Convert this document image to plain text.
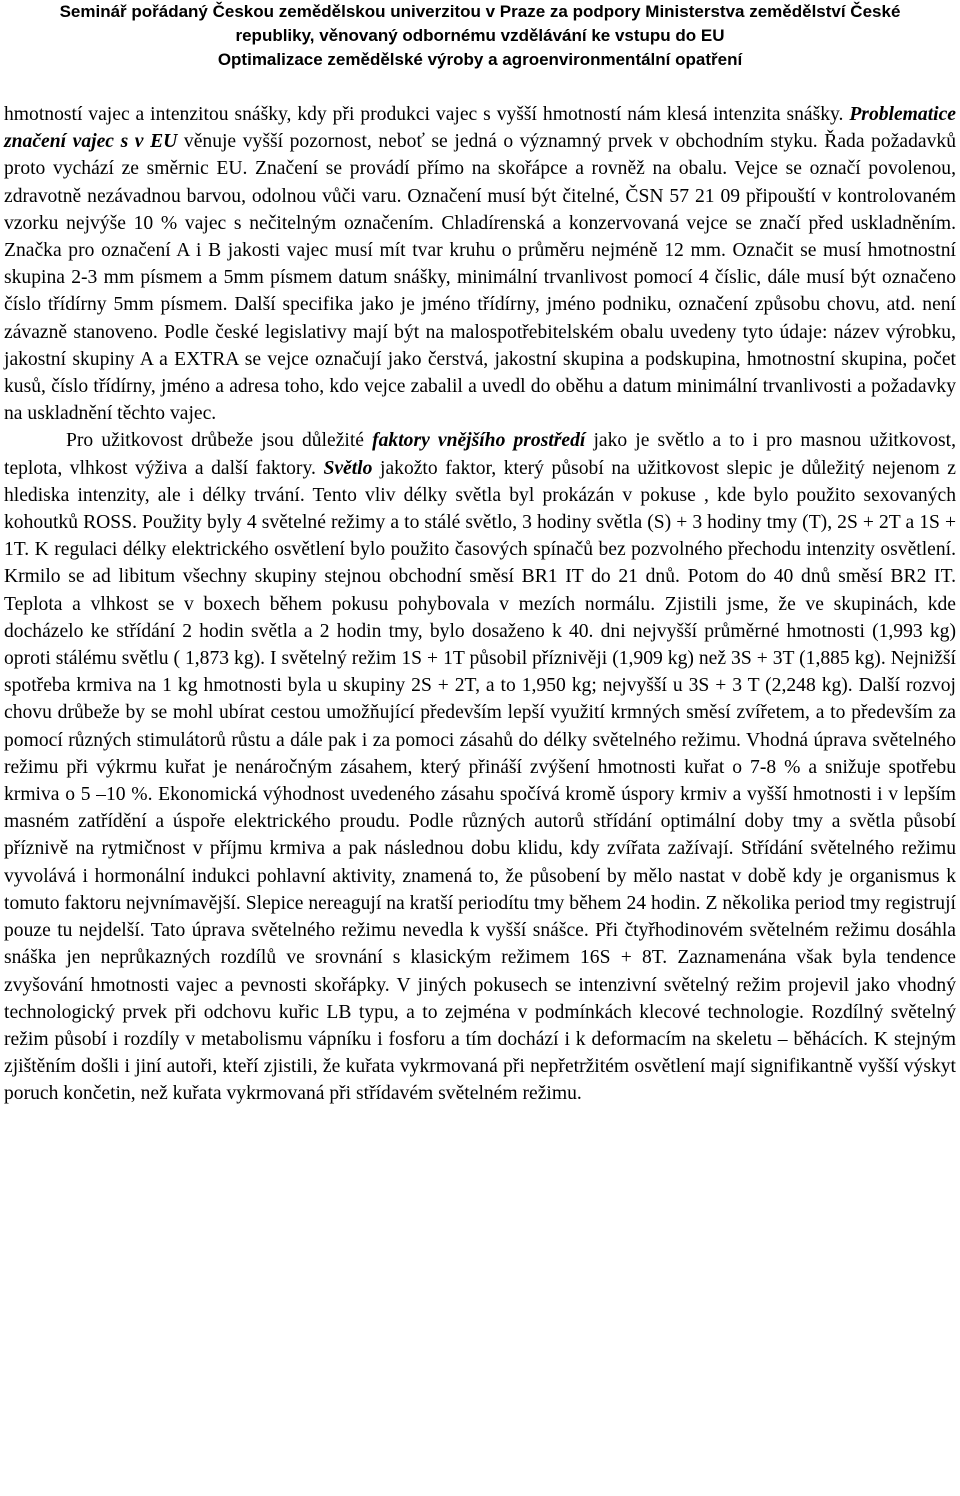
Seminář pořádaný Českou zemědělskou univerzitou v Praze za podpory Ministerstva zemědělství České
republiky, věnovaný odbornému vzdělávání ke vstupu do EU
Optimalizace zemědělské výroby a agroenvironmentální opatření

hmotností vajec a intenzitou snášky, kdy při produkci vajec s vyšší hmotností nám klesá intenzita snášky. Problematice značení vajec s v EU věnuje vyšší pozornost, neboť se jedná o významný prvek v obchodním styku. Řada požadavků proto vychází ze směrnic EU. Značení se provádí přímo na skořápce a rovněž na obalu. Vejce se označí povolenou, zdravotně nezávadnou barvou, odolnou vůči varu. Označení musí být čitelné, ČSN 57 21 09 připouští v kontrolovaném vzorku nejvýše 10 % vajec s nečitelným označením. Chladírenská a konzervovaná vejce se značí před uskladněním. Značka pro označení A i B jakosti vajec musí mít tvar kruhu o průměru nejméně 12 mm. Označit se musí hmotnostní skupina 2-3 mm písmem a 5mm písmem datum snášky, minimální trvanlivost pomocí 4 číslic, dále musí být označeno číslo třídírny 5mm písmem. Další specifika jako je jméno třídírny, jméno podniku, označení způsobu chovu, atd. není závazně stanoveno. Podle české legislativy mají být na malospotřebitelském obalu uvedeny tyto údaje: název výrobku, jakostní skupiny A a EXTRA se vejce označují jako čerstvá, jakostní skupina a podskupina, hmotnostní skupina, počet kusů, číslo třídírny, jméno a adresa toho, kdo vejce zabalil a uvedl do oběhu a datum minimální trvanlivosti a požadavky na uskladnění těchto vajec.

Pro užitkovost drůbeže jsou důležité faktory vnějšího prostředí jako je světlo a to i pro masnou užitkovost, teplota, vlhkost výživa a další faktory. Světlo jakožto faktor, který působí na užitkovost slepic je důležitý nejenom z hlediska intenzity, ale i délky trvání. Tento vliv délky světla byl prokázán v pokuse , kde bylo použito sexovaných kohoutků ROSS. Použity byly 4 světelné režimy a to stálé světlo, 3 hodiny světla (S) + 3 hodiny tmy (T), 2S + 2T a 1S + 1T. K regulaci délky elektrického osvětlení bylo použito časových spínačů bez pozvolného přechodu intenzity osvětlení. Krmilo se ad libitum všechny skupiny stejnou obchodní směsí BR1 IT do 21 dnů. Potom do 40 dnů směsí BR2 IT. Teplota a vlhkost se v boxech během pokusu pohybovala v mezích normálu. Zjistili jsme, že ve skupinách, kde docházelo ke střídání 2 hodin světla a 2 hodin tmy, bylo dosaženo k 40. dni nejvyšší průměrné hmotnosti (1,993 kg) oproti stálému světlu ( 1,873 kg). I světelný režim 1S + 1T působil příznivěji (1,909 kg) než 3S + 3T (1,885 kg). Nejnižší spotřeba krmiva na 1 kg hmotnosti byla u skupiny 2S + 2T, a to 1,950 kg; nejvyšší u 3S + 3 T (2,248 kg). Další rozvoj chovu drůbeže by se mohl ubírat cestou umožňující především lepší využití krmných směsí zvířetem, a to především za pomocí různých stimulátorů růstu a dále pak i za pomoci zásahů do délky světelného režimu. Vhodná úprava světelného režimu při výkrmu kuřat je nenáročným zásahem, který přináší zvýšení hmotnosti kuřat o 7-8 % a snižuje spotřebu krmiva o 5 –10 %. Ekonomická výhodnost uvedeného zásahu spočívá kromě úspory krmiv a vyšší hmotnosti i v lepším masném zatřídění a úspoře elektrického proudu. Podle různých autorů střídání optimální doby tmy a světla působí příznivě na rytmičnost v příjmu krmiva a pak následnou dobu klidu, kdy zvířata zažívají. Střídání světelného režimu vyvolává i hormonální indukci pohlavní aktivity, znamená to, že působení by mělo nastat v době kdy je organismus k tomuto faktoru nejvnímavější. Slepice nereagují na kratší periodítu tmy během 24 hodin. Z několika period tmy registrují pouze tu nejdelší. Tato úprava světelného režimu nevedla k vyšší snášce. Při čtyřhodinovém světelném režimu dosáhla snáška jen neprůkazných rozdílů ve srovnání s klasickým režimem 16S + 8T. Zaznamenána však byla tendence zvyšování hmotnosti vajec a pevnosti skořápky. V jiných pokusech se intenzivní světelný režim projevil jako vhodný technologický prvek při odchovu kuřic LB typu, a to zejména v podmínkách klecové technologie. Rozdílný světelný režim působí i rozdíly v metabolismu vápníku i fosforu a tím dochází i k deformacím na skeletu – běhácích. K stejným zjištěním došli i jiní autoři, kteří zjistili, že kuřata vykrmovaná při nepřetržitém osvětlení mají signifikantně vyšší výskyt poruch končetin, než kuřata vykrmovaná při střídavém světelném režimu.
